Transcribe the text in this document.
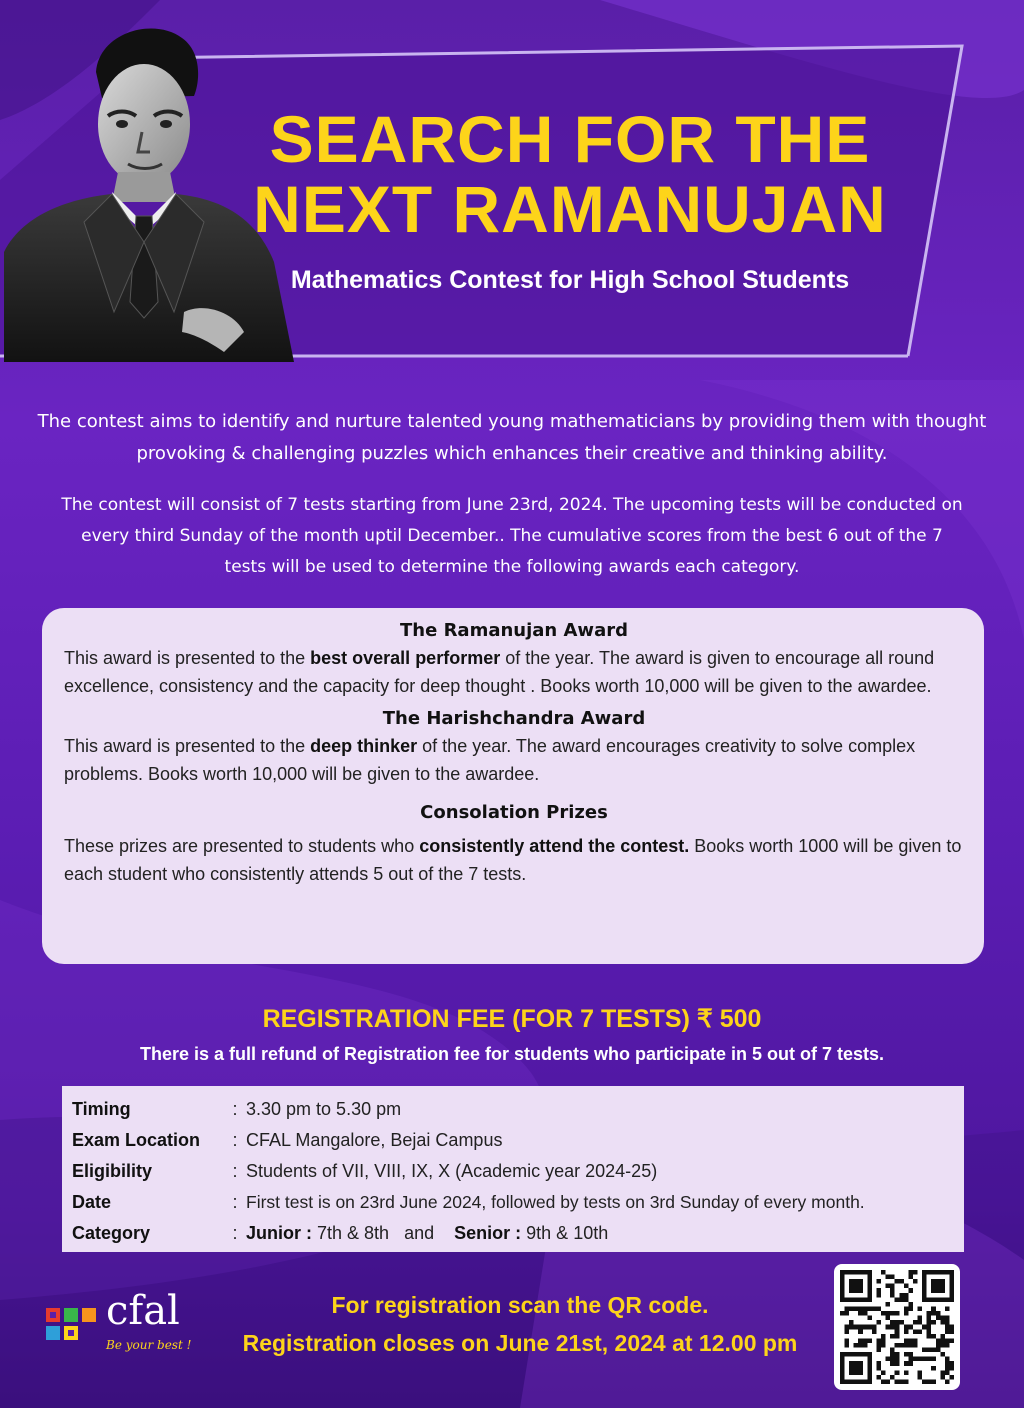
SEARCH FOR THE
NEXT RAMANUJAN
Mathematics Contest for High School Students

The contest aims to identify and nurture talented young mathematicians by providing them with thought provoking & challenging puzzles which enhances their creative and thinking ability.

The contest will consist of 7 tests starting from June 23rd, 2024. The upcoming tests will be conducted on every third Sunday of the month uptil December.. The cumulative scores from the best 6 out of the 7 tests will be used to determine the following awards each category.

The Ramanujan Award

This award is presented to the best overall performer of the year. The award is given to encourage all round excellence, consistency and the capacity for deep thought . Books worth 10,000 will be given to the awardee.

The Harishchandra Award

This award is presented to the deep thinker of the year. The award encourages creativity to solve complex problems. Books worth 10,000 will be given to the awardee.

Consolation Prizes

These prizes are presented to students who consistently attend the contest. Books worth 1000 will be given to each student who consistently attends 5 out of the 7 tests.

REGISTRATION FEE (FOR 7 TESTS) ₹ 500
There is a full refund of Registration fee for students who participate in 5 out of 7 tests.
Timing	: 3.30 pm to 5.30 pm
Exam Location	: CFAL Mangalore, Bejai Campus
Eligibility	: Students of VII, VIII, IX, X (Academic year 2024-25)
Date	: First test is on 23rd June 2024, followed by tests on 3rd Sunday of every month.
Category	: Junior : 7th & 8th and Senior : 9th & 10th
cfal
Be your best !
For registration scan the QR code.
Registration closes on June 21st, 2024 at 12.00 pm
